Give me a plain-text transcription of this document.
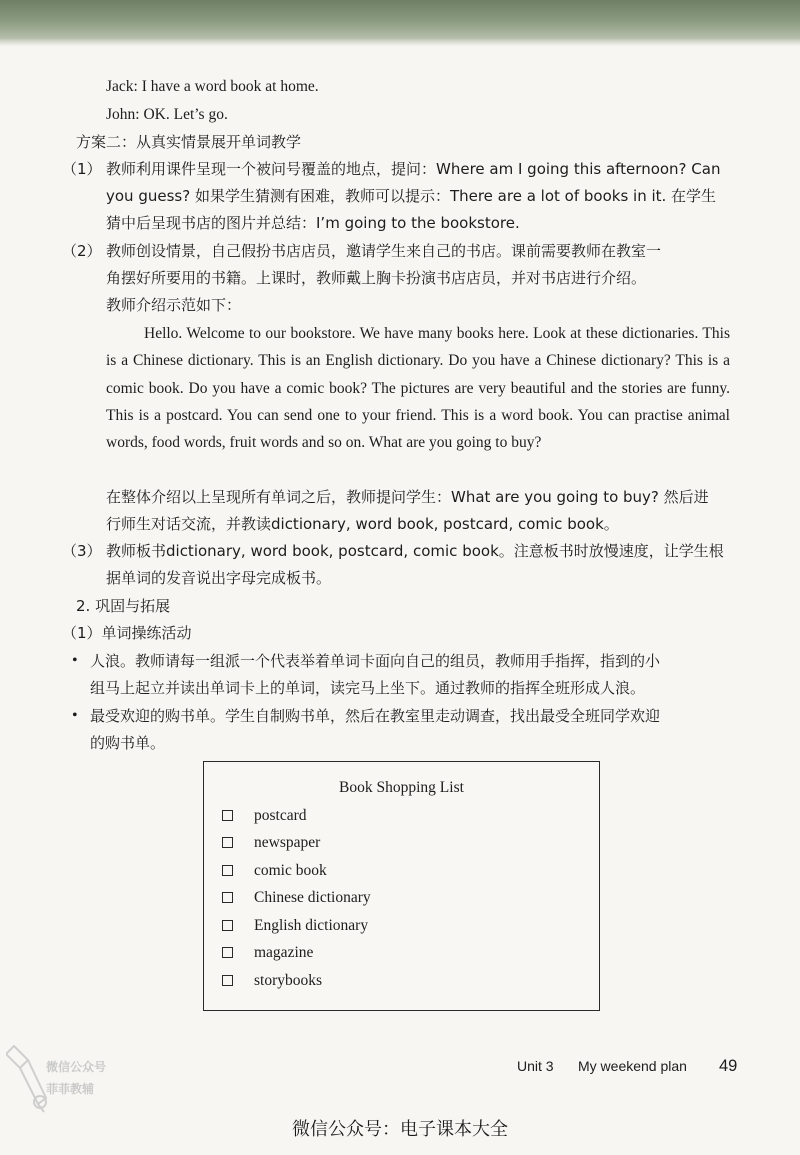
Jack: I have a word book at home.
John: OK. Let’s go.
方案二：从真实情景展开单词教学
（1） 教师利用课件呈现一个被问号覆盖的地点，提问：Where am I going this afternoon? Can
you guess? 如果学生猜测有困难，教师可以提示：There are a lot of books in it. 在学生
猜中后呈现书店的图片并总结：I’m going to the bookstore.
（2） 教师创设情景，自己假扮书店店员，邀请学生来自己的书店。课前需要教师在教室一
角摆好所要用的书籍。上课时，教师戴上胸卡扮演书店店员，并对书店进行介绍。
教师介绍示范如下：
Hello. Welcome to our bookstore. We have many books here. Look at these dictionaries. This is a Chinese dictionary. This is an English dictionary. Do you have a Chinese dictionary? This is a comic book. Do you have a comic book? The pictures are very beautiful and the stories are funny. This is a postcard. You can send one to your friend. This is a word book. You can practise animal words, food words, fruit words and so on. What are you going to buy?
在整体介绍以上呈现所有单词之后，教师提问学生：What are you going to buy? 然后进
行师生对话交流，并教读dictionary, word book, postcard, comic book。
（3） 教师板书dictionary, word book, postcard, comic book。注意板书时放慢速度，让学生根
据单词的发音说出字母完成板书。
2. 巩固与拓展
（1）单词操练活动
• 人浪。教师请每一组派一个代表举着单词卡面向自己的组员，教师用手指挥，指到的小
组马上起立并读出单词卡上的单词，读完马上坐下。通过教师的指挥全班形成人浪。
• 最受欢迎的购书单。学生自制购书单，然后在教室里走动调查，找出最受全班同学欢迎
的购书单。
Book Shopping List
postcard
newspaper
comic book
Chinese dictionary
English dictionary
magazine
storybooks
微信公众号
菲菲教辅
Unit 3 My weekend plan 49
微信公众号：电子课本大全
